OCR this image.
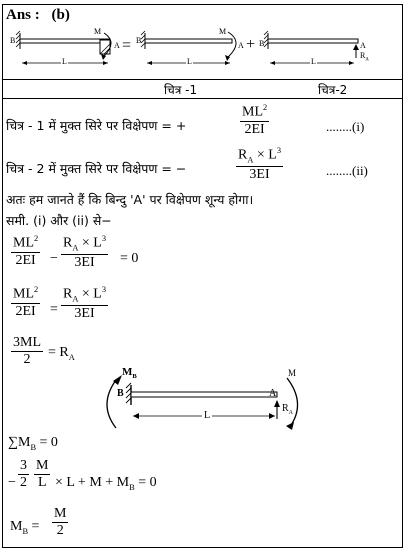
Ans : (b)
B
M
A
L
= B
M
A
L
+ B	A
$R_A$
L
चित्र -1	चित्र-2
चित्र - 1 में मुक्त सिरे पर विक्षेपण = +	$\frac{ML^2}{2EI}$	........(i)
चित्र - 2 में मुक्त सिरे पर विक्षेपण = −	$\frac{R_A \times L^3}{3EI}$	........(ii)
अतः हम जानते हैं कि बिन्दु 'A' पर विक्षेपण शून्य होगा।
समी. (i) और (ii) से−
$\frac{ML^2}{2EI} - \frac{R_A \times L^3}{3EI} = 0$
$\frac{ML^2}{2EI} = \frac{R_A \times L^3}{3EI}$
$\frac{3ML}{2} = R_A$
$M_B$
B
L
A
$R_A$
M
$\sum M_B = 0$
− $\frac{3}{2} \frac{M}{L} \times L + M + M_B = 0$
$M_B = \frac{M}{2}$
